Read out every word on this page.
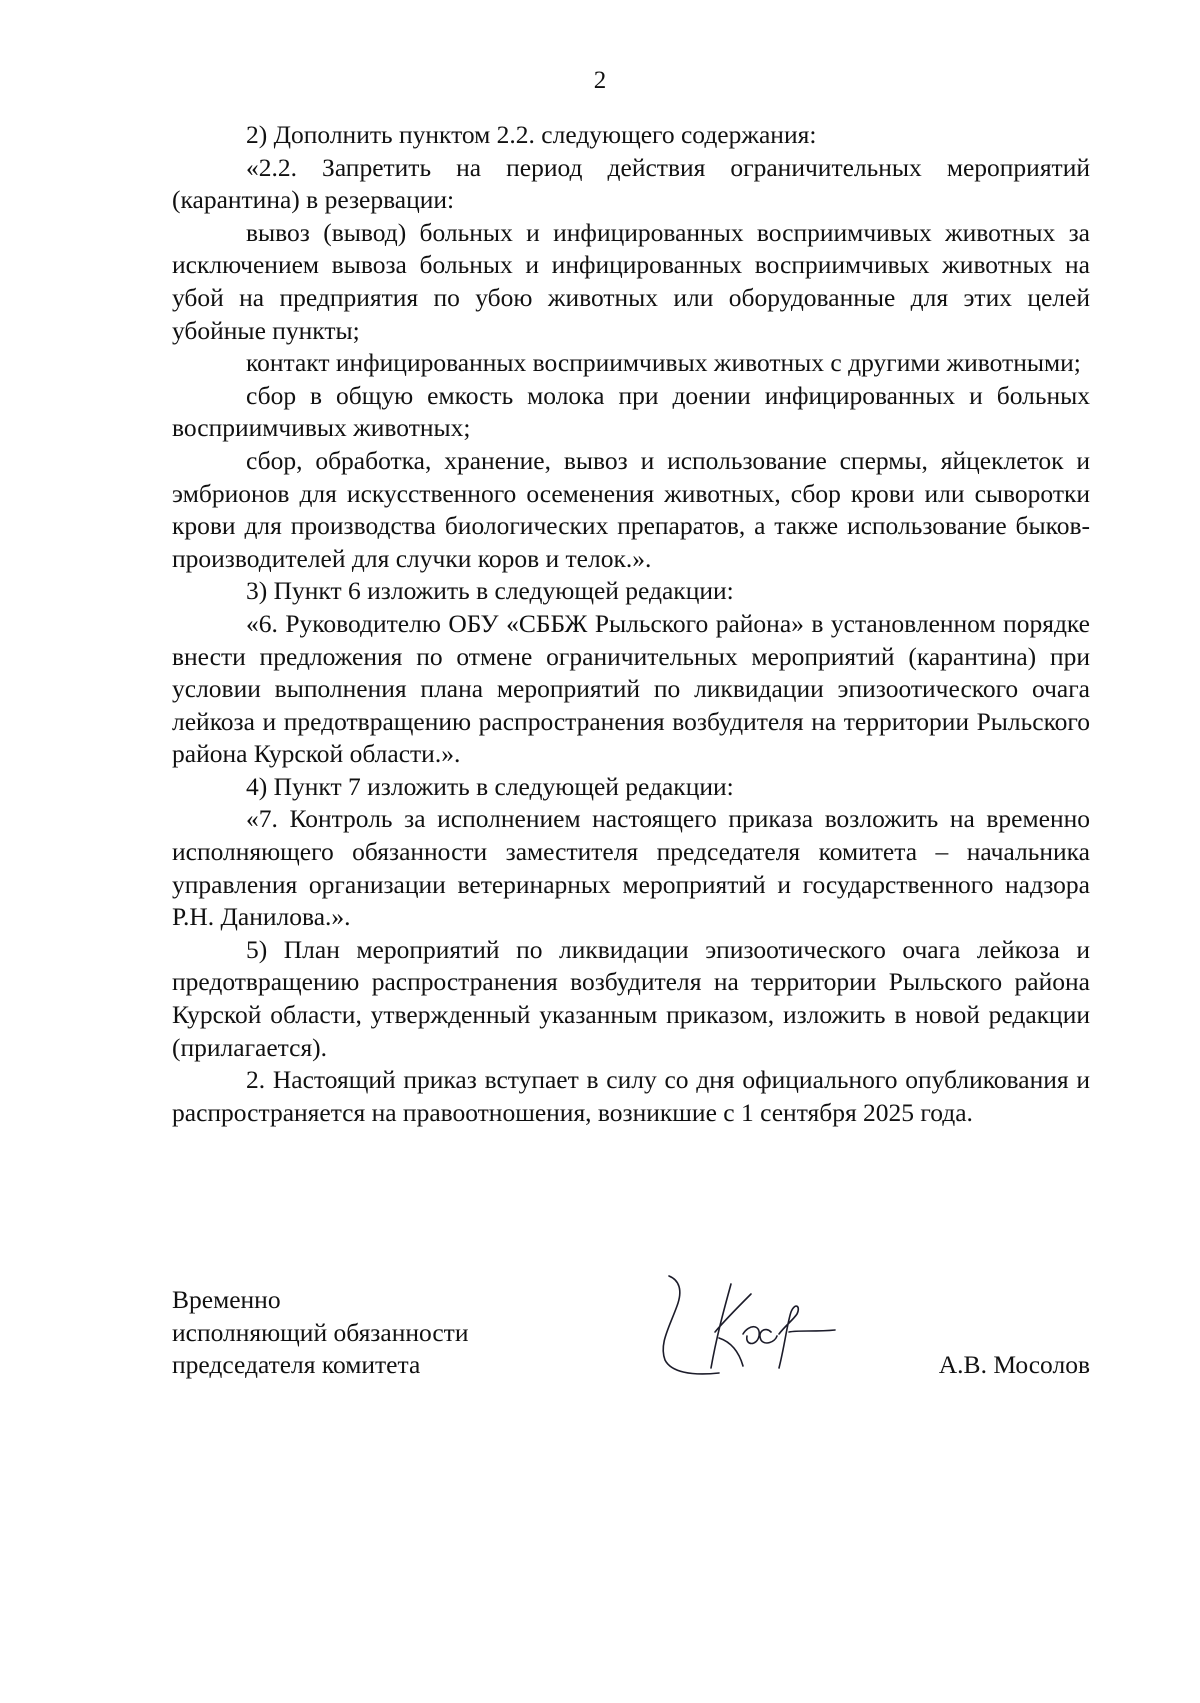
2

2) Дополнить пунктом 2.2. следующего содержания:

«2.2. Запретить на период действия ограничительных мероприятий (карантина) в резервации:

вывоз (вывод) больных и инфицированных восприимчивых животных за исключением вывоза больных и инфицированных восприимчивых животных на убой на предприятия по убою животных или оборудованные для этих целей убойные пункты;

контакт инфицированных восприимчивых животных с другими животными;

сбор в общую емкость молока при доении инфицированных и больных восприимчивых животных;

сбор, обработка, хранение, вывоз и использование спермы, яйцеклеток и эмбрионов для искусственного осеменения животных, сбор крови или сыворотки крови для производства биологических препаратов, а также использование быков-производителей для случки коров и телок.».

3) Пункт 6 изложить в следующей редакции:

«6. Руководителю ОБУ «СББЖ Рыльского района» в установленном порядке внести предложения по отмене ограничительных мероприятий (карантина) при условии выполнения плана мероприятий по ликвидации эпизоотического очага лейкоза и предотвращению распространения возбудителя на территории Рыльского района Курской области.».

4) Пункт 7 изложить в следующей редакции:

«7. Контроль за исполнением настоящего приказа возложить на временно исполняющего обязанности заместителя председателя комитета – начальника управления организации ветеринарных мероприятий и государственного надзора Р.Н. Данилова.».

5) План мероприятий по ликвидации эпизоотического очага лейкоза и предотвращению распространения возбудителя на территории Рыльского района Курской области, утвержденный указанным приказом, изложить в новой редакции (прилагается).

2. Настоящий приказ вступает в силу со дня официального опубликования и распространяется на правоотношения, возникшие с 1 сентября 2025 года.

Временно
исполняющий обязанности
председателя комитета	А.В. Мосолов
